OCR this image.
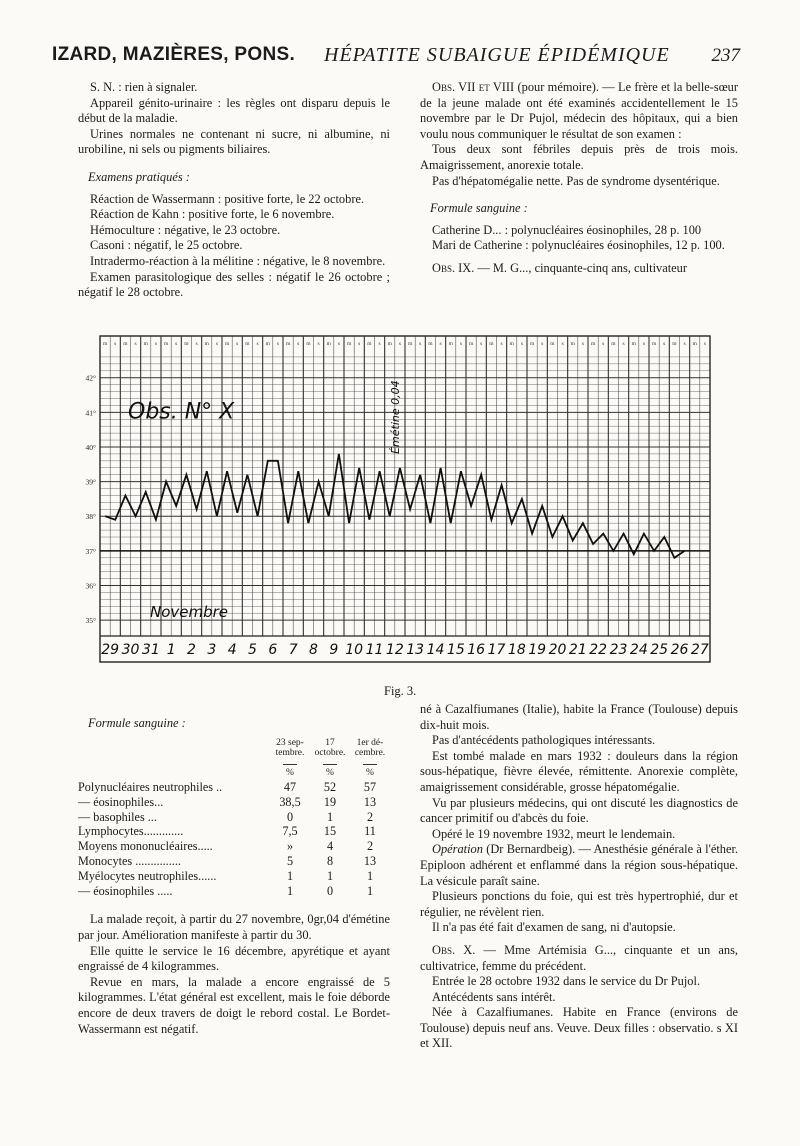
IZARD, MAZIÈRES, PONS. HÉPATITE SUBAIGUE ÉPIDÉMIQUE 237

S. N. : rien à signaler.

Appareil génito-urinaire : les règles ont disparu depuis le début de la maladie.

Urines normales ne contenant ni sucre, ni albumine, ni urobiline, ni sels ou pigments biliaires.

Examens pratiqués :

Réaction de Wassermann : positive forte, le 22 octobre.

Réaction de Kahn : positive forte, le 6 novembre.

Hémoculture : négative, le 23 octobre.

Casoni : négatif, le 25 octobre.

Intradermo-réaction à la mélitine : négative, le 8 novembre.

Examen parasitologique des selles : négatif le 26 octobre ; négatif le 28 octobre.

Obs. VII et VIII (pour mémoire). — Le frère et la belle-sœur de la jeune malade ont été examinés accidentellement le 15 novembre par le Dr Pujol, médecin des hôpitaux, qui a bien voulu nous communiquer le résultat de son examen :

Tous deux sont fébriles depuis près de trois mois. Amaigrissement, anorexie totale.

Pas d'hépatomégalie nette. Pas de syndrome dysentérique.

Formule sanguine :

Catherine D... : polynucléaires éosinophiles, 28 p. 100

Mari de Catherine : polynucléaires éosinophiles, 12 p. 100.

Obs. IX. — M. G..., cinquante-cinq ans, cultivateur

35°
36°
37°
38°
39°
40°
41°
42°
m s m s m s m s m s m s m s m s m s m s m s m s m s m s m s m s m s m s m s m s m s m s m s m s m s m s m s m s m s m s
29 30 31 1 2 3 4 5 6 7 8 9 10 11 12 13 14 15 16 17 18 19 20 21 22 23 24 25 26 27
Obs. N° X
Novembre
Émétine 0,04
Fig. 3.

Formule sanguine :

	23 sep- tembre.	17 octobre.	1er dé- cembre.

%	%	%
Polynucléaires neutrophiles ..	47	52	57
— éosinophiles...	38,5	19	13
— basophiles ...	0	1	2
Lymphocytes.............	7,5	15	11
Moyens mononucléaires.....	»	4	2
Monocytes ...............	5	8	13
Myélocytes neutrophiles......	1	1	1
— éosinophiles .....	1	0	1

La malade reçoit, à partir du 27 novembre, 0gr,04 d'émétine par jour. Amélioration manifeste à partir du 30.

Elle quitte le service le 16 décembre, apyrétique et ayant engraissé de 4 kilogrammes.

Revue en mars, la malade a encore engraissé de 5 kilogrammes. L'état général est excellent, mais le foie déborde encore de deux travers de doigt le rebord costal. Le Bordet-Wassermann est négatif.

né à Cazalfiumanes (Italie), habite la France (Toulouse) depuis dix-huit mois.

Pas d'antécédents pathologiques intéressants.

Est tombé malade en mars 1932 : douleurs dans la région sous-hépatique, fièvre élevée, rémittente. Anorexie complète, amaigrissement considérable, grosse hépatomégalie.

Vu par plusieurs médecins, qui ont discuté les diagnostics de cancer primitif ou d'abcès du foie.

Opéré le 19 novembre 1932, meurt le lendemain.

Opération (Dr Bernardbeig). — Anesthésie générale à l'éther. Epiploon adhérent et enflammé dans la région sous-hépatique. La vésicule paraît saine.

Plusieurs ponctions du foie, qui est très hypertrophié, dur et régulier, ne révèlent rien.

Il n'a pas été fait d'examen de sang, ni d'autopsie.

Obs. X. — Mme Artémisia G..., cinquante et un ans, cultivatrice, femme du précédent.

Entrée le 28 octobre 1932 dans le service du Dr Pujol.

Antécédents sans intérêt.

Née à Cazalfiumanes. Habite en France (environs de Toulouse) depuis neuf ans. Veuve. Deux filles : observatio. s XI et XII.
